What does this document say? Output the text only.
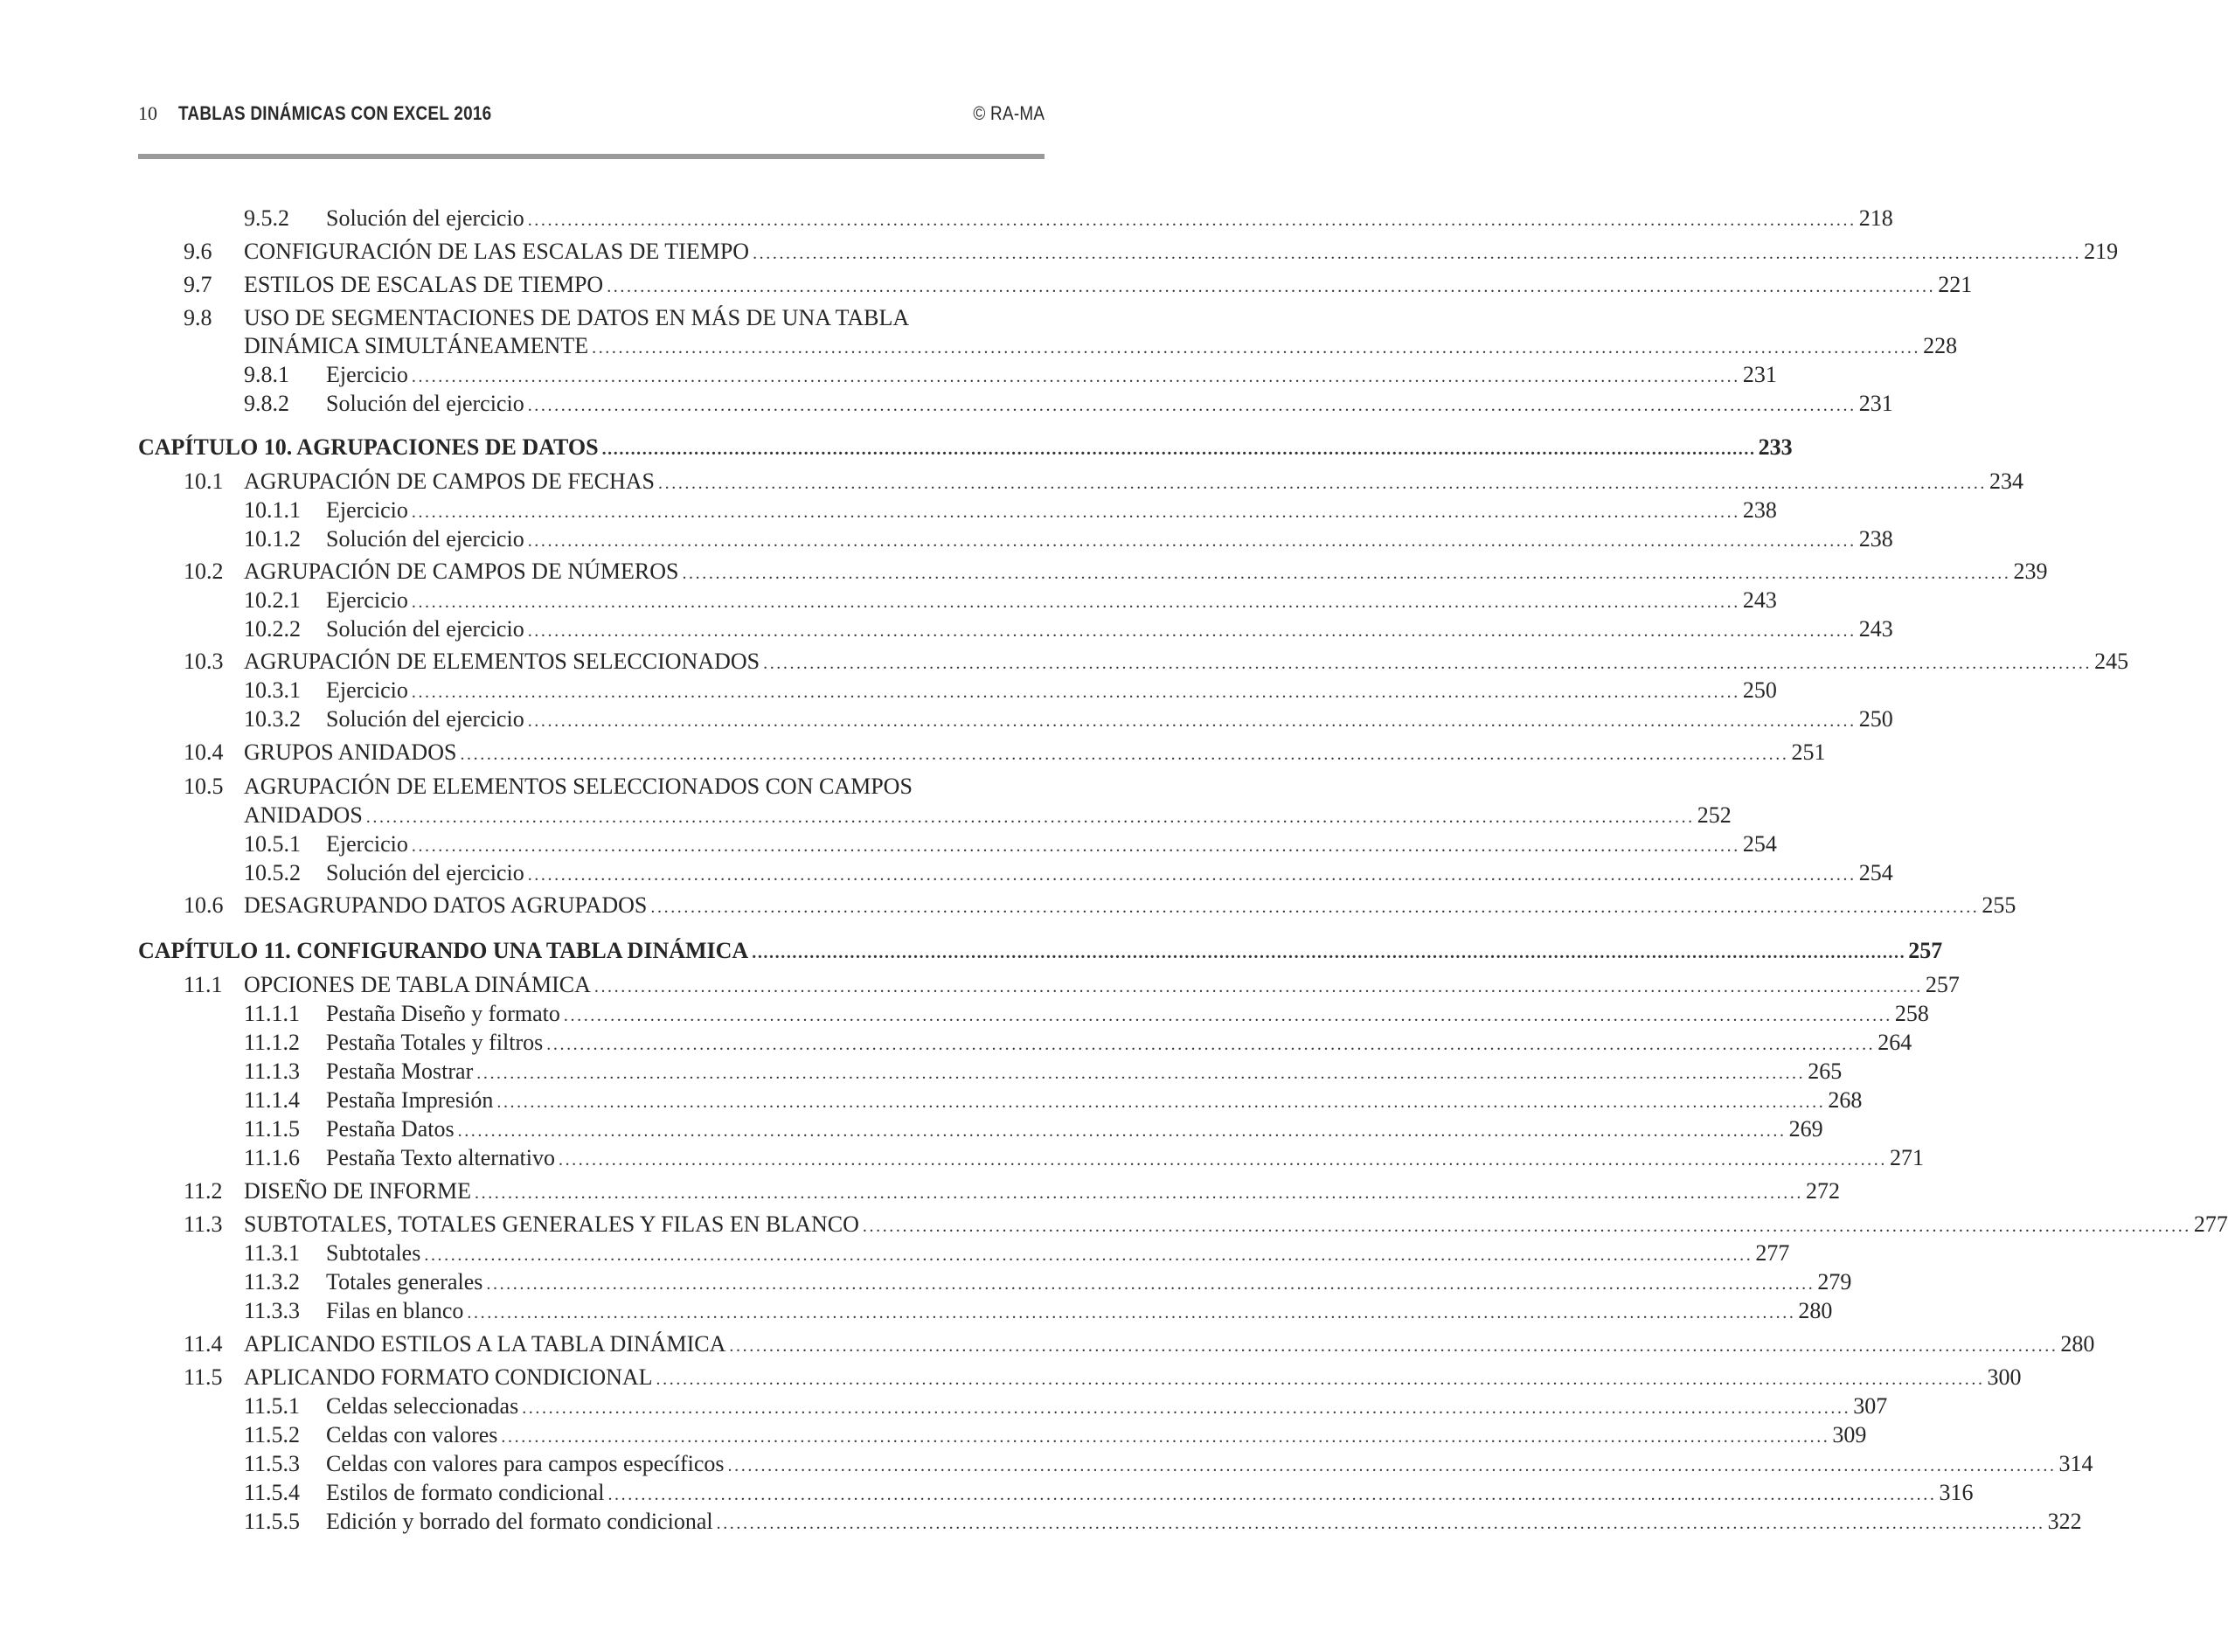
10 TABLAS DINÁMICAS CON EXCEL 2016	© RA-MA
9.5.2 Solución del ejercicio ........................................................................................................................................................................................................ 218
9.6 CONFIGURACIÓN DE LAS ESCALAS DE TIEMPO ........................................................................................................................................................................................................ 219
9.7 ESTILOS DE ESCALAS DE TIEMPO ........................................................................................................................................................................................................ 221
9.8 USO DE SEGMENTACIONES DE DATOS EN MÁS DE UNA TABLA
DINÁMICA SIMULTÁNEAMENTE ........................................................................................................................................................................................................ 228
9.8.1 Ejercicio ........................................................................................................................................................................................................ 231
9.8.2 Solución del ejercicio ........................................................................................................................................................................................................ 231
CAPÍTULO 10. AGRUPACIONES DE DATOS ........................................................................................................................................................................................................ 233
10.1 AGRUPACIÓN DE CAMPOS DE FECHAS ........................................................................................................................................................................................................ 234
10.1.1 Ejercicio ........................................................................................................................................................................................................ 238
10.1.2 Solución del ejercicio ........................................................................................................................................................................................................ 238
10.2 AGRUPACIÓN DE CAMPOS DE NÚMEROS ........................................................................................................................................................................................................ 239
10.2.1 Ejercicio ........................................................................................................................................................................................................ 243
10.2.2 Solución del ejercicio ........................................................................................................................................................................................................ 243
10.3 AGRUPACIÓN DE ELEMENTOS SELECCIONADOS ........................................................................................................................................................................................................ 245
10.3.1 Ejercicio ........................................................................................................................................................................................................ 250
10.3.2 Solución del ejercicio ........................................................................................................................................................................................................ 250
10.4 GRUPOS ANIDADOS ........................................................................................................................................................................................................ 251
10.5 AGRUPACIÓN DE ELEMENTOS SELECCIONADOS CON CAMPOS
ANIDADOS ........................................................................................................................................................................................................ 252
10.5.1 Ejercicio ........................................................................................................................................................................................................ 254
10.5.2 Solución del ejercicio ........................................................................................................................................................................................................ 254
10.6 DESAGRUPANDO DATOS AGRUPADOS ........................................................................................................................................................................................................ 255
CAPÍTULO 11. CONFIGURANDO UNA TABLA DINÁMICA ........................................................................................................................................................................................................ 257
11.1 OPCIONES DE TABLA DINÁMICA ........................................................................................................................................................................................................ 257
11.1.1 Pestaña Diseño y formato ........................................................................................................................................................................................................ 258
11.1.2 Pestaña Totales y filtros ........................................................................................................................................................................................................ 264
11.1.3 Pestaña Mostrar ........................................................................................................................................................................................................ 265
11.1.4 Pestaña Impresión ........................................................................................................................................................................................................ 268
11.1.5 Pestaña Datos ........................................................................................................................................................................................................ 269
11.1.6 Pestaña Texto alternativo ........................................................................................................................................................................................................ 271
11.2 DISEÑO DE INFORME ........................................................................................................................................................................................................ 272
11.3 SUBTOTALES, TOTALES GENERALES Y FILAS EN BLANCO ........................................................................................................................................................................................................ 277
11.3.1 Subtotales ........................................................................................................................................................................................................ 277
11.3.2 Totales generales ........................................................................................................................................................................................................ 279
11.3.3 Filas en blanco ........................................................................................................................................................................................................ 280
11.4 APLICANDO ESTILOS A LA TABLA DINÁMICA ........................................................................................................................................................................................................ 280
11.5 APLICANDO FORMATO CONDICIONAL ........................................................................................................................................................................................................ 300
11.5.1 Celdas seleccionadas ........................................................................................................................................................................................................ 307
11.5.2 Celdas con valores ........................................................................................................................................................................................................ 309
11.5.3 Celdas con valores para campos específicos ........................................................................................................................................................................................................ 314
11.5.4 Estilos de formato condicional ........................................................................................................................................................................................................ 316
11.5.5 Edición y borrado del formato condicional ........................................................................................................................................................................................................ 322
